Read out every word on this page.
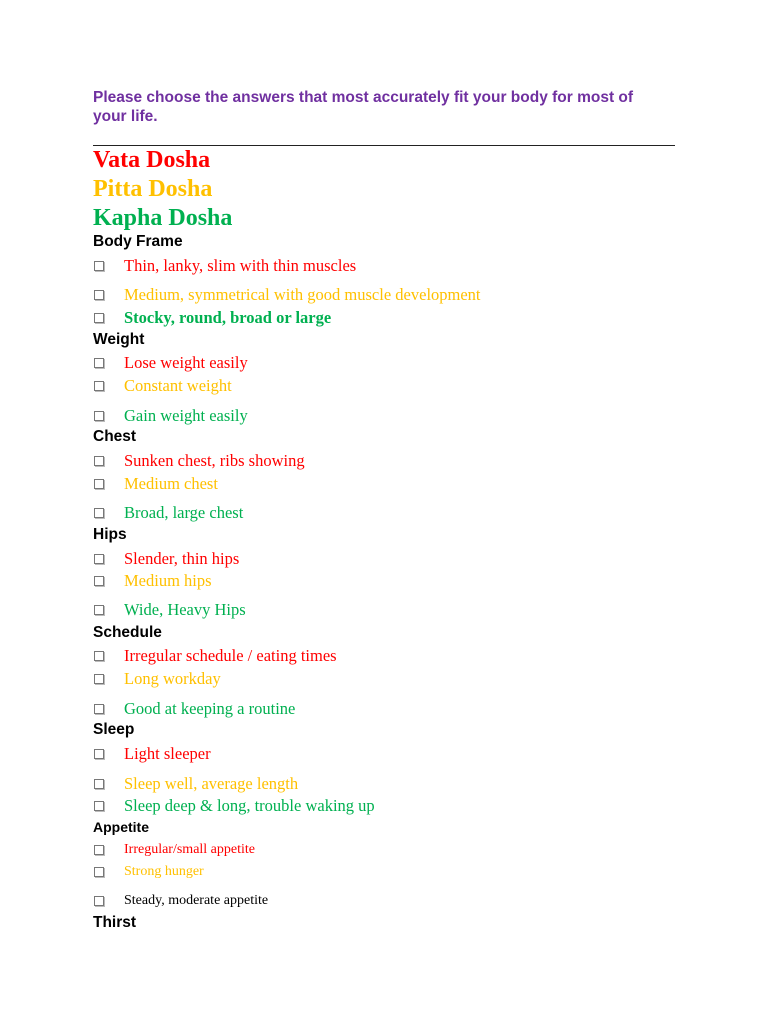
Please choose the answers that most accurately fit your body for most of your life.
Vata Dosha
Pitta Dosha
Kapha Dosha
Body Frame
Thin, lanky, slim with thin muscles
Medium, symmetrical with good muscle development
Stocky, round, broad or large
Weight
Lose weight easily
Constant weight
Gain weight easily
Chest
Sunken chest, ribs showing
Medium chest
Broad, large chest
Hips
Slender, thin hips
Medium hips
Wide, Heavy Hips
Schedule
Irregular schedule / eating times
Long workday
Good at keeping a routine
Sleep
Light sleeper
Sleep well, average length
Sleep deep & long, trouble waking up
Appetite
Irregular/small appetite
Strong hunger
Steady, moderate appetite
Thirst
